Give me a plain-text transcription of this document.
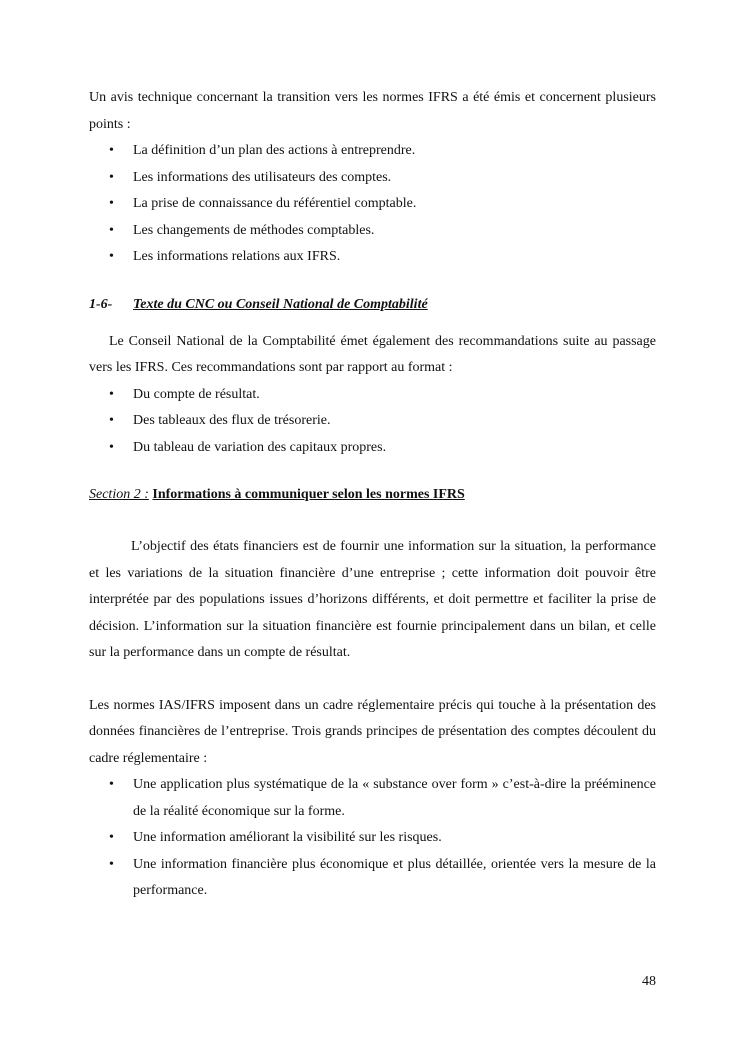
Un avis technique concernant la transition vers les normes IFRS a été émis et concernent plusieurs points :

• La définition d’un plan des actions à entreprendre.
• Les informations des utilisateurs des comptes.
• La prise de connaissance du référentiel comptable.
• Les changements de méthodes comptables.
• Les informations relations aux IFRS.
1-6- Texte du CNC ou Conseil National de Comptabilité

Le Conseil National de la Comptabilité émet également des recommandations suite au passage vers les IFRS. Ces recommandations sont par rapport au format :

• Du compte de résultat.
• Des tableaux des flux de trésorerie.
• Du tableau de variation des capitaux propres.
Section 2 : Informations à communiquer selon les normes IFRS

L’objectif des états financiers est de fournir une information sur la situation, la performance et les variations de la situation financière d’une entreprise ; cette information doit pouvoir être interprétée par des populations issues d’horizons différents, et doit permettre et faciliter la prise de décision. L’information sur la situation financière est fournie principalement dans un bilan, et celle sur la performance dans un compte de résultat.

Les normes IAS/IFRS imposent dans un cadre réglementaire précis qui touche à la présentation des données financières de l’entreprise. Trois grands principes de présentation des comptes découlent du cadre réglementaire :

• Une application plus systématique de la « substance over form » c’est-à-dire la prééminence de la réalité économique sur la forme.
• Une information améliorant la visibilité sur les risques.
• Une information financière plus économique et plus détaillée, orientée vers la mesure de la performance.
48
